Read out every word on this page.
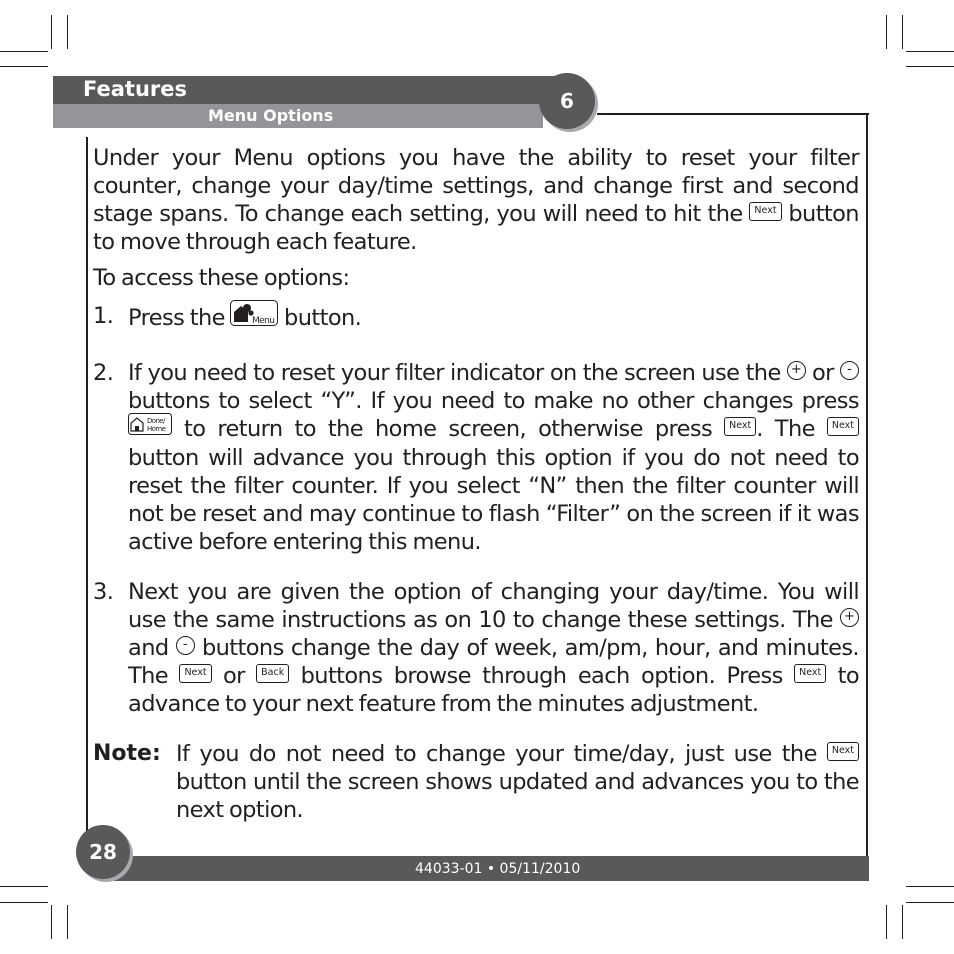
Features
Menu Options
6

Under your Menu options you have the ability to reset your filter counter, change your day/time settings, and change first and second stage spans. To change each setting, you will need to hit the Next button to move through each feature.

To access these options:

1. Press the	Menu button.
2. If you need to reset your filter indicator on the screen use the + or - buttons to select “Y”. If you need to make no other changes press
Done/
Home to return to the home screen, otherwise press Next . The Next button will advance you through this option if you do not need to reset the filter counter. If you select “N” then the filter counter will not be reset and may continue to flash “Filter” on the screen if it was active before entering this menu.
3. Next you are given the option of changing your day/time. You will use the same instructions as on 10 to change these settings. The + and - buttons change the day of week, am/pm, hour, and minutes. The Next or Back buttons browse through each option. Press Next to advance to your next feature from the minutes adjustment.
Note: If you do not need to change your time/day, just use the Next button until the screen shows updated and advances you to the next option.
44033-01 • 05/11/2010
28
